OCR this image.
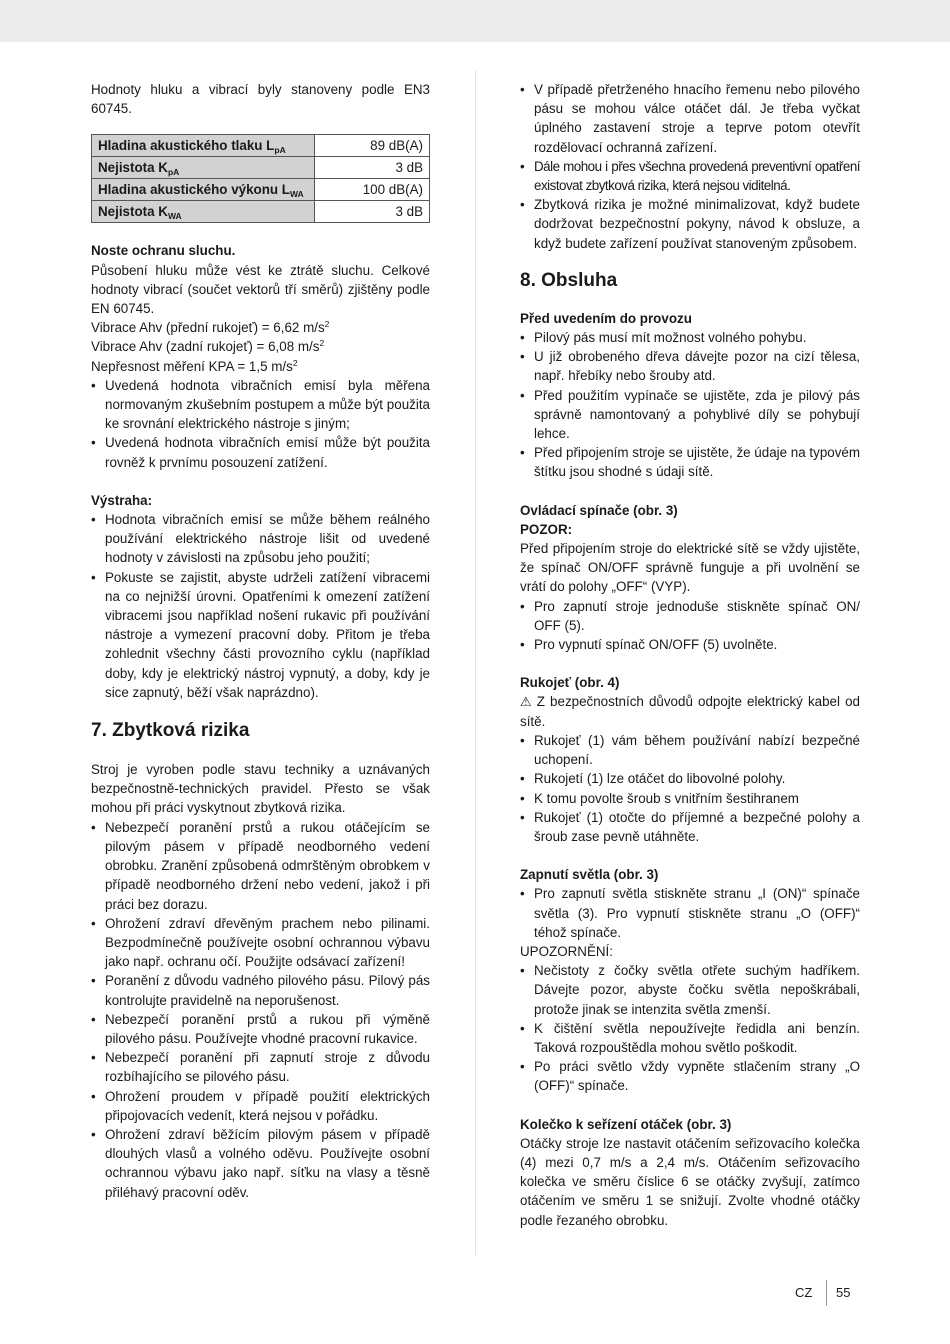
Hodnoty hluku a vibrací byly stanoveny podle EN3 60745.

Hladina akustického tlaku $L_{pA}$	89 dB(A)
Nejistota $K_{pA}$	3 dB
Hladina akustického výkonu $L_{WA}$	100 dB(A)
Nejistota $K_{WA}$	3 dB

Noste ochranu sluchu.

Působení hluku může vést ke ztrátě sluchu. Celkové hodnoty vibrací (součet vektorů tří směrů) zjištěny podle EN 60745.

Vibrace Ahv (přední rukojeť) = 6,62 $m/s^2$

Vibrace Ahv (zadní rukojeť) = 6,08 $m/s^2$

Nepřesnost měření KPA = 1,5 $m/s^2$

• Uvedená hodnota vibračních emisí byla měřena normovaným zkušebním postupem a může být použita ke srovnání elektrického nástroje s jiným;
• Uvedená hodnota vibračních emisí může být použita rovněž k prvnímu posouzení zatížení.

Výstraha:

• Hodnota vibračních emisí se může během reálného používání elektrického nástroje lišit od uvedené hodnoty v závislosti na způsobu jeho použití;
• Pokuste se zajistit, abyste udrželi zatížení vibracemi na co nejnižší úrovni. Opatřeními k omezení zatížení vibracemi jsou například nošení rukavic při používání nástroje a vymezení pracovní doby. Přitom je třeba zohlednit všechny části provozního cyklu (například doby, kdy je elektrický nástroj vypnutý, a doby, kdy je sice zapnutý, běží však naprázdno).
7. Zbytková rizika

Stroj je vyroben podle stavu techniky a uznávaných bezpečnostně-technických pravidel. Přesto se však mohou při práci vyskytnout zbytková rizika.

• Nebezpečí poranění prstů a rukou otáčejícím se pilovým pásem v případě neodborného vedení obrobku. Zranění způsobená odmrštěným obrobkem v případě neodborného držení nebo vedení, jakož i při práci bez dorazu.
• Ohrožení zdraví dřevěným prachem nebo pilinami. Bezpodmínečně používejte osobní ochrannou výbavu jako např. ochranu očí. Použijte odsávací zařízení!
• Poranění z důvodu vadného pilového pásu. Pilový pás kontrolujte pravidelně na neporušenost.
• Nebezpečí poranění prstů a rukou při výměně pilového pásu. Používejte vhodné pracovní rukavice.
• Nebezpečí poranění při zapnutí stroje z důvodu rozbíhajícího se pilového pásu.
• Ohrožení proudem v případě použití elektrických připojovacích vedenít, která nejsou v pořádku.
• Ohrožení zdraví běžícím pilovým pásem v případě dlouhých vlasů a volného oděvu. Používejte osobní ochrannou výbavu jako např. síťku na vlasy a těsně přiléhavý pracovní oděv.
• V případě přetrženého hnacího řemenu nebo pilového pásu se mohou válce otáčet dál. Je třeba vyčkat úplného zastavení stroje a teprve potom otevřít rozdělovací ochranná zařízení.
• Dále mohou i přes všechna provedená preventivní opatření existovat zbytková rizika, která nejsou viditelná.
• Zbytková rizika je možné minimalizovat, když budete dodržovat bezpečnostní pokyny, návod k obsluze, a když budete zařízení používat stanoveným způsobem.
8. Obsluha

Před uvedením do provozu

• Pilový pás musí mít možnost volného pohybu.
• U již obrobeného dřeva dávejte pozor na cizí tělesa, např. hřebíky nebo šrouby atd.
• Před použitím vypínače se ujistěte, zda je pilový pás správně namontovaný a pohyblivé díly se pohybují lehce.
• Před připojením stroje se ujistěte, že údaje na typovém štítku jsou shodné s údaji sítě.

Ovládací spínače (obr. 3)

POZOR:

Před připojením stroje do elektrické sítě se vždy ujistěte, že spínač ON/OFF správně funguje a při uvolnění se vrátí do polohy „OFF“ (VYP).

• Pro zapnutí stroje jednoduše stiskněte spínač ON/ OFF (5).
• Pro vypnutí spínač ON/OFF (5) uvolněte.

Rukojeť (obr. 4)

⚠ Z bezpečnostních důvodů odpojte elektrický kabel od sítě.

• Rukojeť (1) vám během používání nabízí bezpečné uchopení.
• Rukojetí (1) lze otáčet do libovolné polohy.
• K tomu povolte šroub s vnitřním šestihranem
• Rukojeť (1) otočte do příjemné a bezpečné polohy a šroub zase pevně utáhněte.

Zapnutí světla (obr. 3)

• Pro zapnutí světla stiskněte stranu „I (ON)“ spínače světla (3). Pro vypnutí stiskněte stranu „O (OFF)“ téhož spínače.

UPOZORNĚNÍ:

• Nečistoty z čočky světla otřete suchým hadříkem. Dávejte pozor, abyste čočku světla nepoškrábali, protože jinak se intenzita světla zmenší.
• K čištění světla nepoužívejte ředidla ani benzín. Taková rozpouštědla mohou světlo poškodit.
• Po práci světlo vždy vypněte stlačením strany „O (OFF)“ spínače.

Kolečko k seřízení otáček (obr. 3)

Otáčky stroje lze nastavit otáčením seřizovacího kolečka (4) mezi 0,7 m/s a 2,4 m/s. Otáčením seřizovacího kolečka ve směru číslice 6 se otáčky zvyšují, zatímco otáčením ve směru 1 se snižují. Zvolte vhodné otáčky podle řezaného obrobku.

CZ 55
